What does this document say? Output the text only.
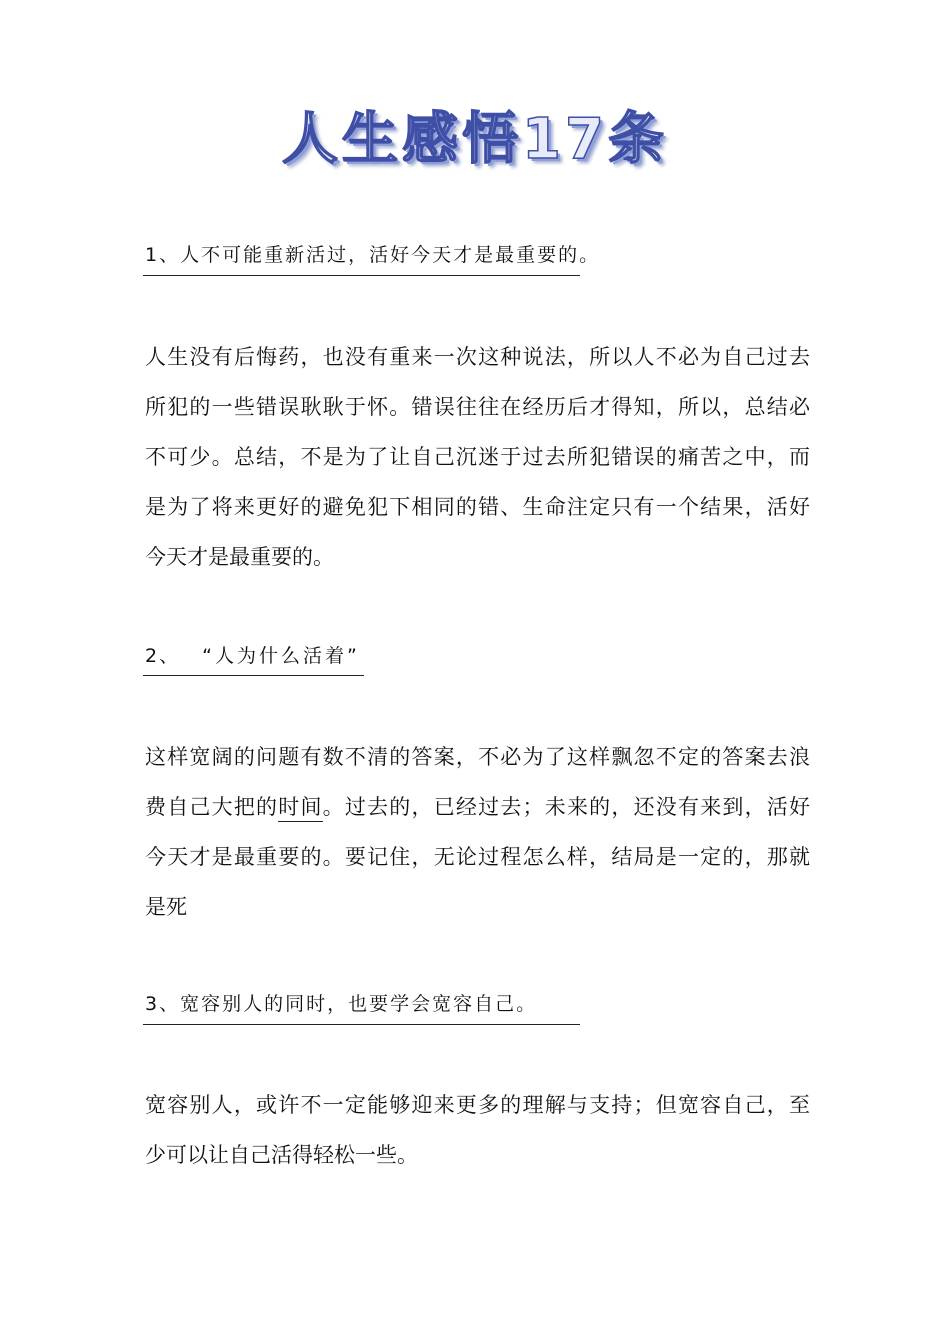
人生感悟17条
1、人不可能重新活过，活好今天才是最重要的。
人生没有后悔药，也没有重来一次这种说法，所以人不必为自己过去
所犯的一些错误耿耿于怀。错误往往在经历后才得知，所以，总结必
不可少。总结，不是为了让自己沉迷于过去所犯错误的痛苦之中，而
是为了将来更好的避免犯下相同的错、生命注定只有一个结果，活好
今天才是最重要的。
2、 “人为什么活着”
这样宽阔的问题有数不清的答案，不必为了这样飘忽不定的答案去浪
费自己大把的时间。过去的，已经过去；未来的，还没有来到，活好
今天才是最重要的。要记住，无论过程怎么样，结局是一定的，那就
是死
3、宽容别人的同时，也要学会宽容自己。
宽容别人，或许不一定能够迎来更多的理解与支持；但宽容自己，至
少可以让自己活得轻松一些。
